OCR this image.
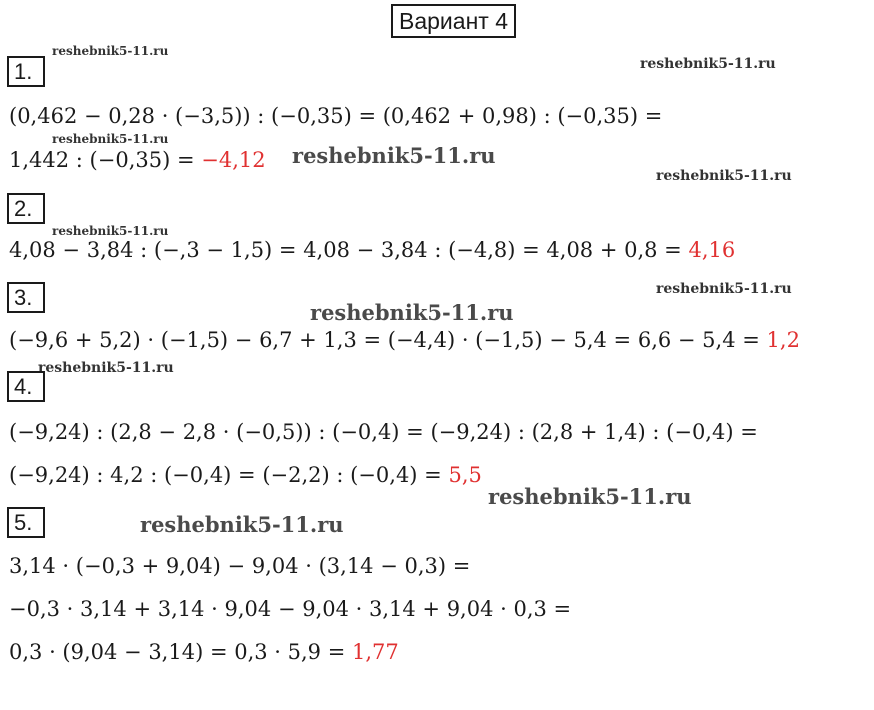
Вариант 4
reshebnik5-11.ru
reshebnik5-11.ru
reshebnik5-11.ru
reshebnik5-11.ru
reshebnik5-11.ru
reshebnik5-11.ru
reshebnik5-11.ru
reshebnik5-11.ru
reshebnik5-11.ru
reshebnik5-11.ru
reshebnik5-11.ru
1.
(0,462 − 0,28 · (−3,5)) : (−0,35) = (0,462 + 0,98) : (−0,35) =
1,442 : (−0,35) = −4,12
2.
4,08 − 3,84 : (−,3 − 1,5) = 4,08 − 3,84 : (−4,8) = 4,08 + 0,8 = 4,16
3.
(−9,6 + 5,2) · (−1,5) − 6,7 + 1,3 = (−4,4) · (−1,5) − 5,4 = 6,6 − 5,4 = 1,2
4.
(−9,24) : (2,8 − 2,8 · (−0,5)) : (−0,4) = (−9,24) : (2,8 + 1,4) : (−0,4) =
(−9,24) : 4,2 : (−0,4) = (−2,2) : (−0,4) = 5,5
5.
3,14 · (−0,3 + 9,04) − 9,04 · (3,14 − 0,3) =
−0,3 · 3,14 + 3,14 · 9,04 − 9,04 · 3,14 + 9,04 · 0,3 =
0,3 · (9,04 − 3,14) = 0,3 · 5,9 = 1,77
